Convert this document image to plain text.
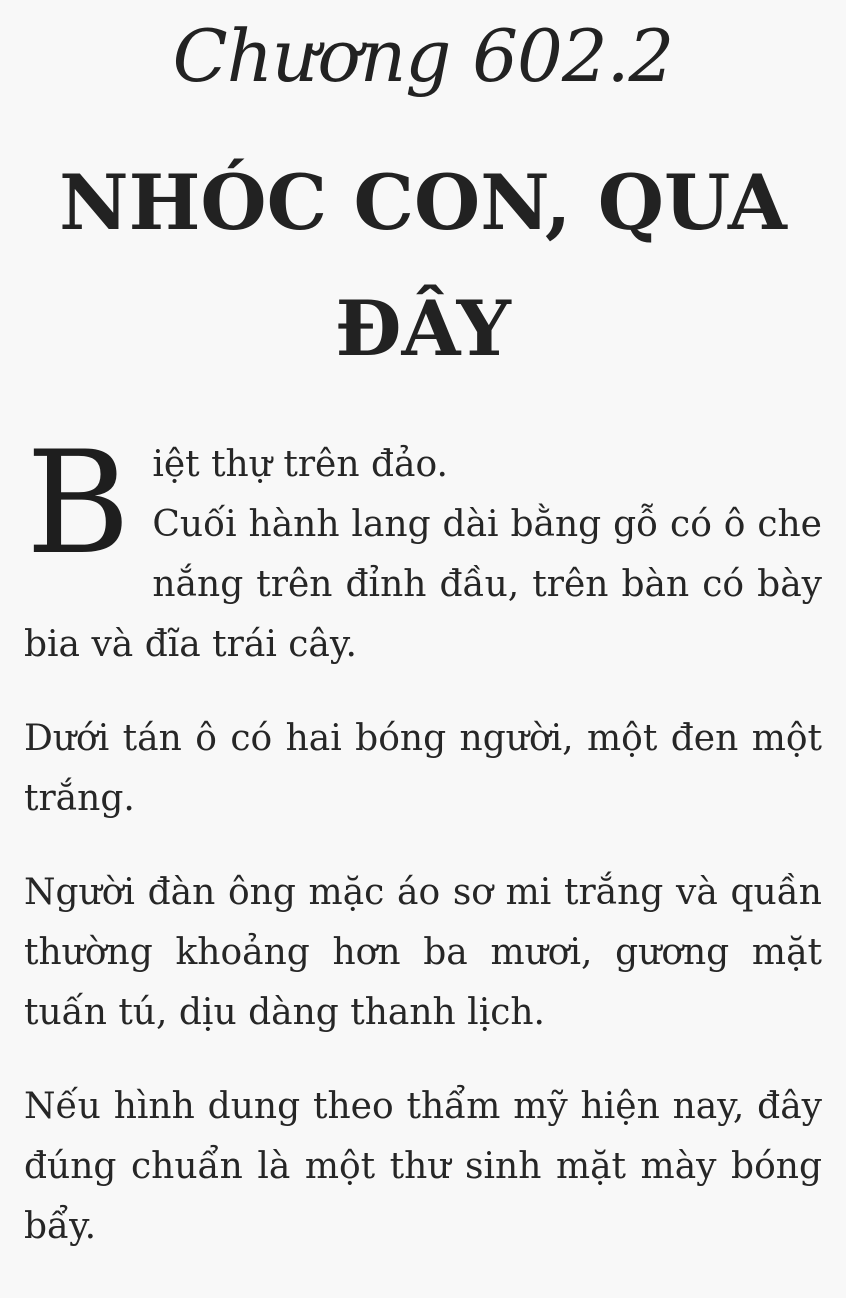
Chương 602.2
NHÓC CON, QUA ĐÂY

Biệt thự trên đảo.

Cuối hành lang dài bằng gỗ có ô che nắng trên đỉnh đầu, trên bàn có bày bia và đĩa trái cây.

Dưới tán ô có hai bóng người, một đen một trắng.

Người đàn ông mặc áo sơ mi trắng và quần thường khoảng hơn ba mươi, gương mặt tuấn tú, dịu dàng thanh lịch.

Nếu hình dung theo thẩm mỹ hiện nay, đây đúng chuẩn là một thư sinh mặt mày bóng bẩy.
